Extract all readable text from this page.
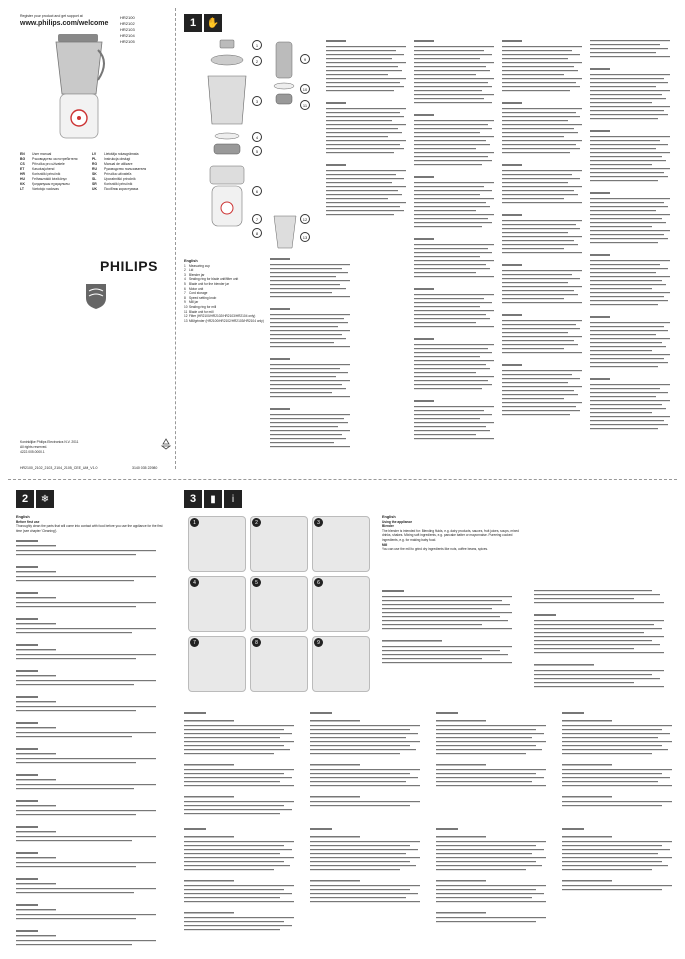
Register your product and get support at
www.philips.com/welcome
HR2100
HR2102
HR2103
HR2104
HR2105
EN	User manual
BG	Ръководство за потребителя
CS	Příručka pro uživatele
ET	Kasutusjuhend
HR	Korisnički priručnik
HU	Felhasználói kézikönyv
KK	Қолданушы нұсқаулығы
LT	Vartotojo vadovas
LV	Lietotāja rokasgrāmata
PL	Instrukcja obsługi
RO	Manual de utilizare
RU	Руководство пользователя
SK	Príručka užívateľa
SL	Uporabniški priročnik
SR	Korisnički priručnik
UK	Посібник користувача
PHILIPS
Koninklijke Philips Electronics N.V. 2011
All rights reserved.
4222.005.0000.1
HR2100_2102_2103_2104_2105_CEE_UM_V1.0	3140 035 22980
1	✋
1
2
3
4
5
6
7
8
9
10
11
12
13
English
1 Measuring cup
2 Lid
3 Blender jar
4 Sealing ring for blade unit/filter unit
5 Blade unit for the blender jar
6 Motor unit
7 Cord storage
8 Speed setting knob
9 Mill jar
10Sealing ring for mill
11 Blade unit for mill
12Filter (HR2100/HR2102/HR2103/HR2104 only)
13Mill/grinder (HR2100/HR2102/HR2103/HR2104 only)
2	❄
English
Before first use
Thoroughly clean the parts that will come into contact with food before you use the appliance for the first time (see chapter 'Cleaning').
3	▮	ⅰ
1	2	3
4	5	6
7	8	9
English
Using the appliance
Blender
The blender is intended for: Blending fluids, e.g. dairy products, sauces, fruit juices, soups, mixed drinks, shakes. Mixing soft ingredients, e.g. pancake batter or mayonnaise. Pureeing cooked ingredients, e.g. for making baby food.
Mill
You can use the mill to grind dry ingredients like nuts, coffee beans, spices.
